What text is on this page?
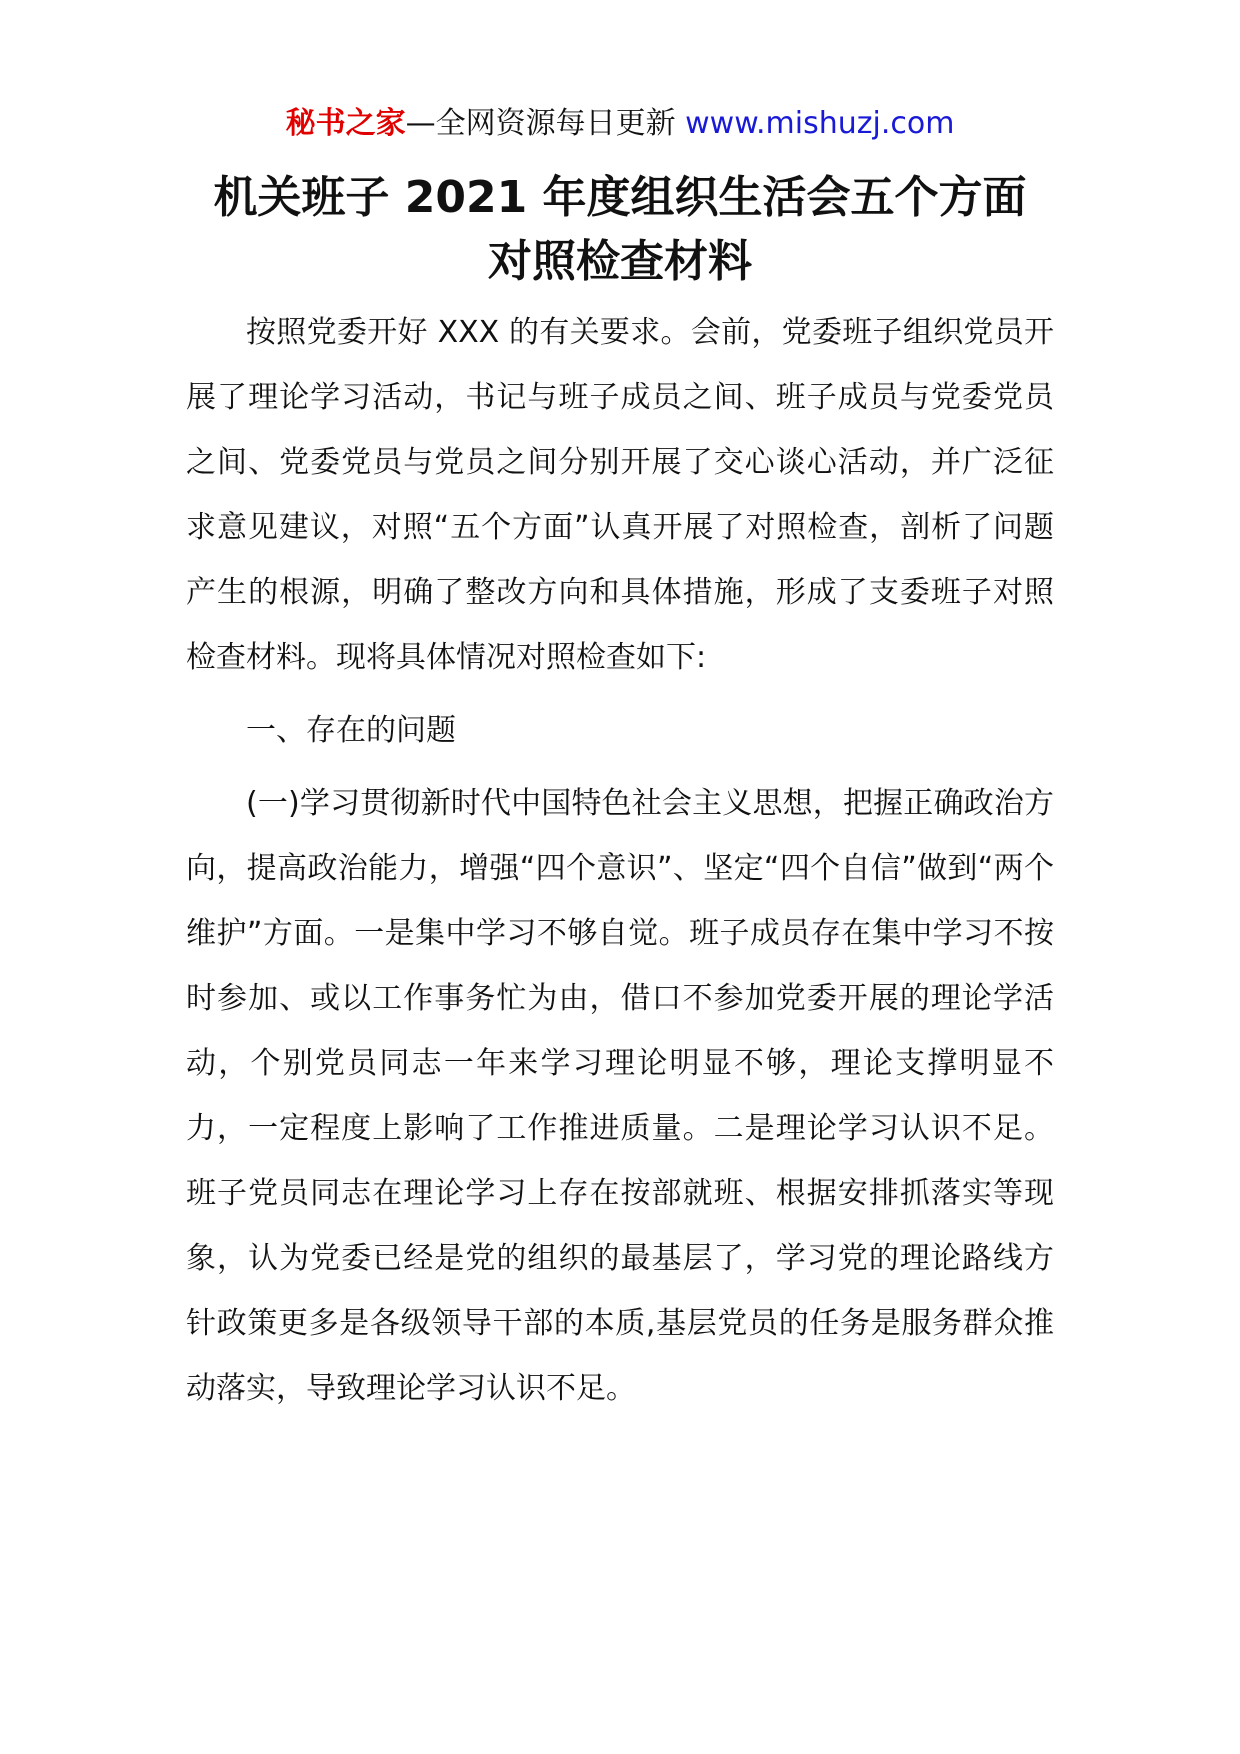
秘书之家—全网资源每日更新 www.mishuzj.com
机关班子 2021 年度组织生活会五个方面
对照检查材料

按照党委开好 XXX 的有关要求。会前，党委班子组织党员开展了理论学习活动，书记与班子成员之间、班子成员与党委党员之间、党委党员与党员之间分别开展了交心谈心活动，并广泛征求意见建议，对照“五个方面”认真开展了对照检查，剖析了问题产生的根源，明确了整改方向和具体措施，形成了支委班子对照检查材料。现将具体情况对照检查如下:

一、存在的问题

(一)学习贯彻新时代中国特色社会主义思想，把握正确政治方向，提高政治能力，增强“四个意识”、坚定“四个自信”做到“两个维护”方面。一是集中学习不够自觉。班子成员存在集中学习不按时参加、或以工作事务忙为由，借口不参加党委开展的理论学活动，个别党员同志一年来学习理论明显不够，理论支撑明显不力，一定程度上影响了工作推进质量。二是理论学习认识不足。班子党员同志在理论学习上存在按部就班、根据安排抓落实等现象，认为党委已经是党的组织的最基层了，学习党的理论路线方针政策更多是各级领导干部的本质,基层党员的任务是服务群众推动落实，导致理论学习认识不足。
